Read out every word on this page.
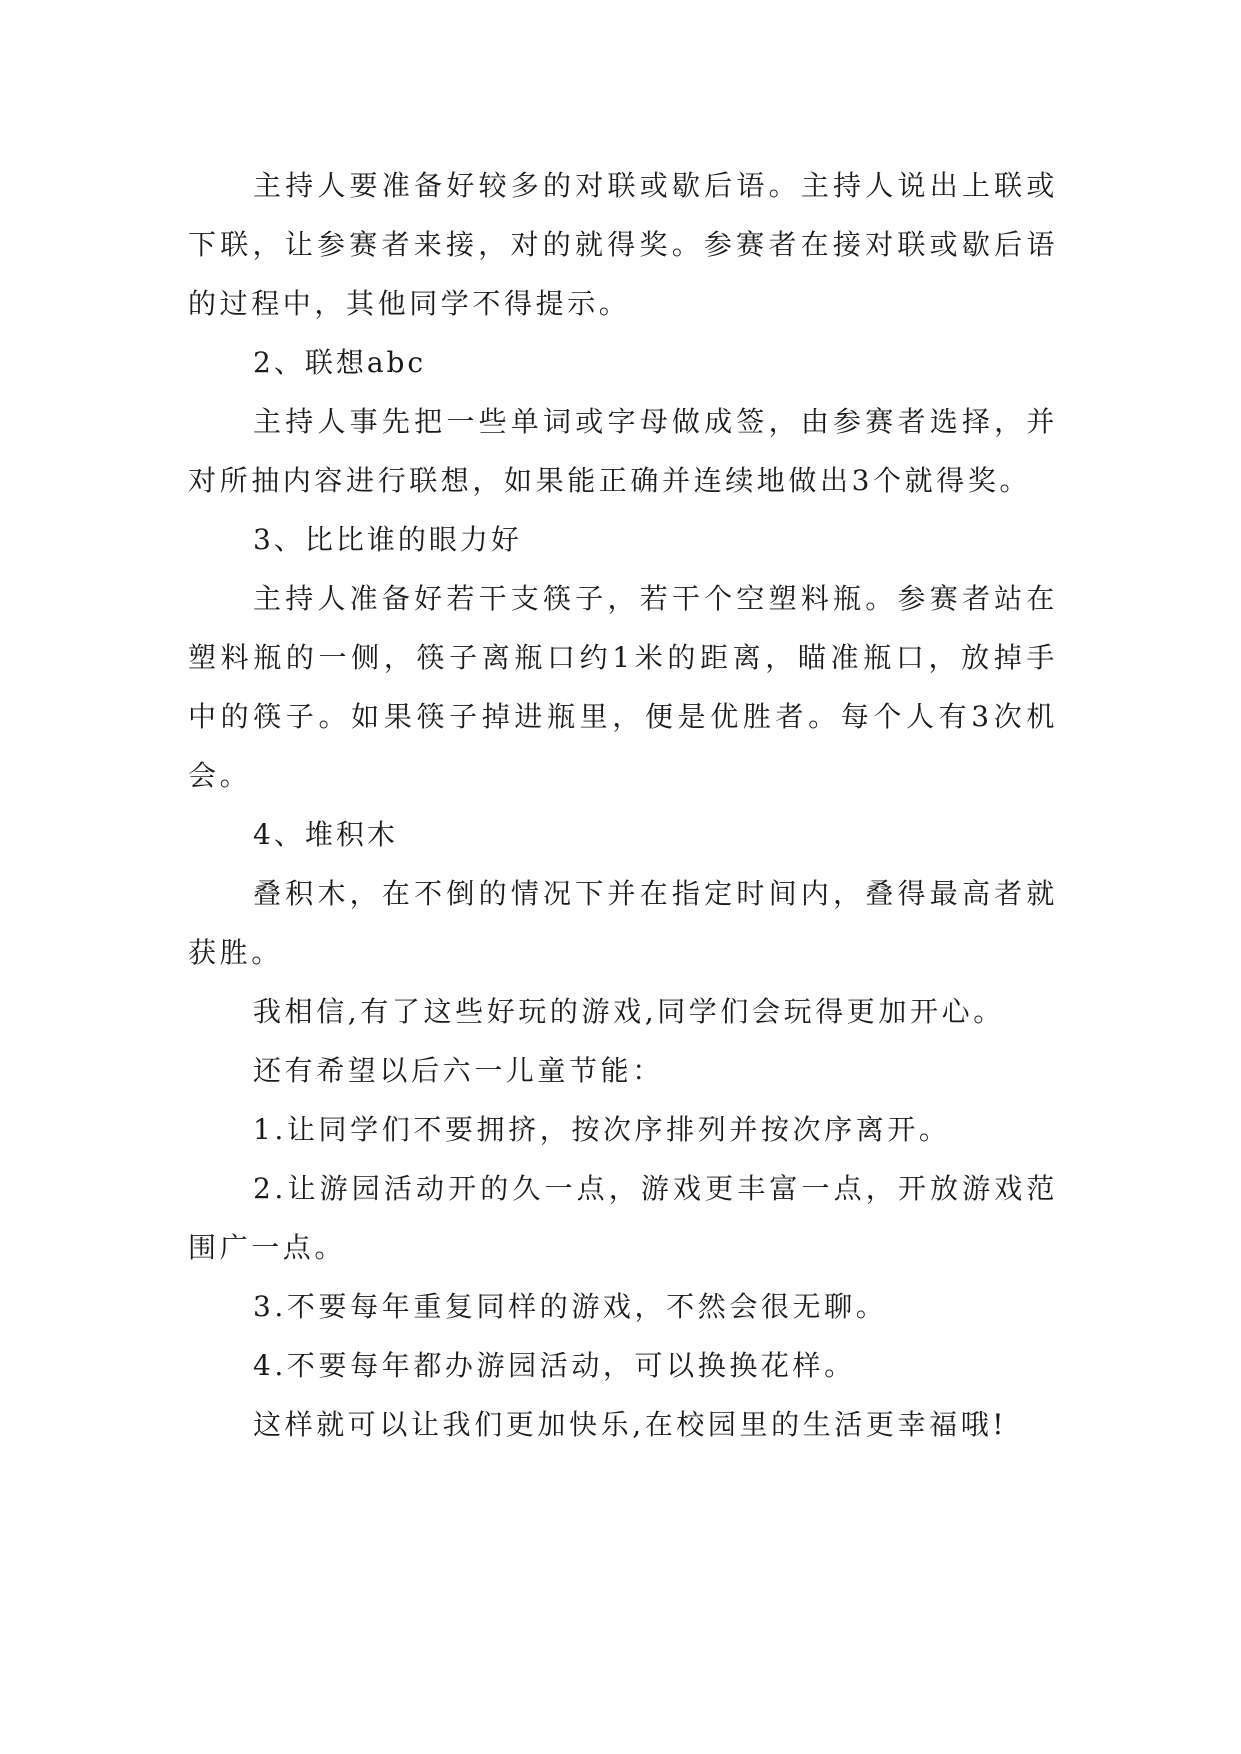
主持人要准备好较多的对联或歇后语。主持人说出上联或下联，让参赛者来接，对的就得奖。参赛者在接对联或歇后语的过程中，其他同学不得提示。

2、联想abc

主持人事先把一些单词或字母做成签，由参赛者选择，并对所抽内容进行联想，如果能正确并连续地做出3个就得奖。

3、比比谁的眼力好

主持人准备好若干支筷子，若干个空塑料瓶。参赛者站在塑料瓶的一侧，筷子离瓶口约1米的距离，瞄准瓶口，放掉手中的筷子。如果筷子掉进瓶里，便是优胜者。每个人有3次机会。

4、堆积木

叠积木，在不倒的情况下并在指定时间内，叠得最高者就获胜。

我相信,有了这些好玩的游戏,同学们会玩得更加开心。

还有希望以后六一儿童节能：

1.让同学们不要拥挤，按次序排列并按次序离开。

2.让游园活动开的久一点，游戏更丰富一点，开放游戏范围广一点。

3.不要每年重复同样的游戏，不然会很无聊。

4.不要每年都办游园活动，可以换换花样。

这样就可以让我们更加快乐,在校园里的生活更幸福哦!
